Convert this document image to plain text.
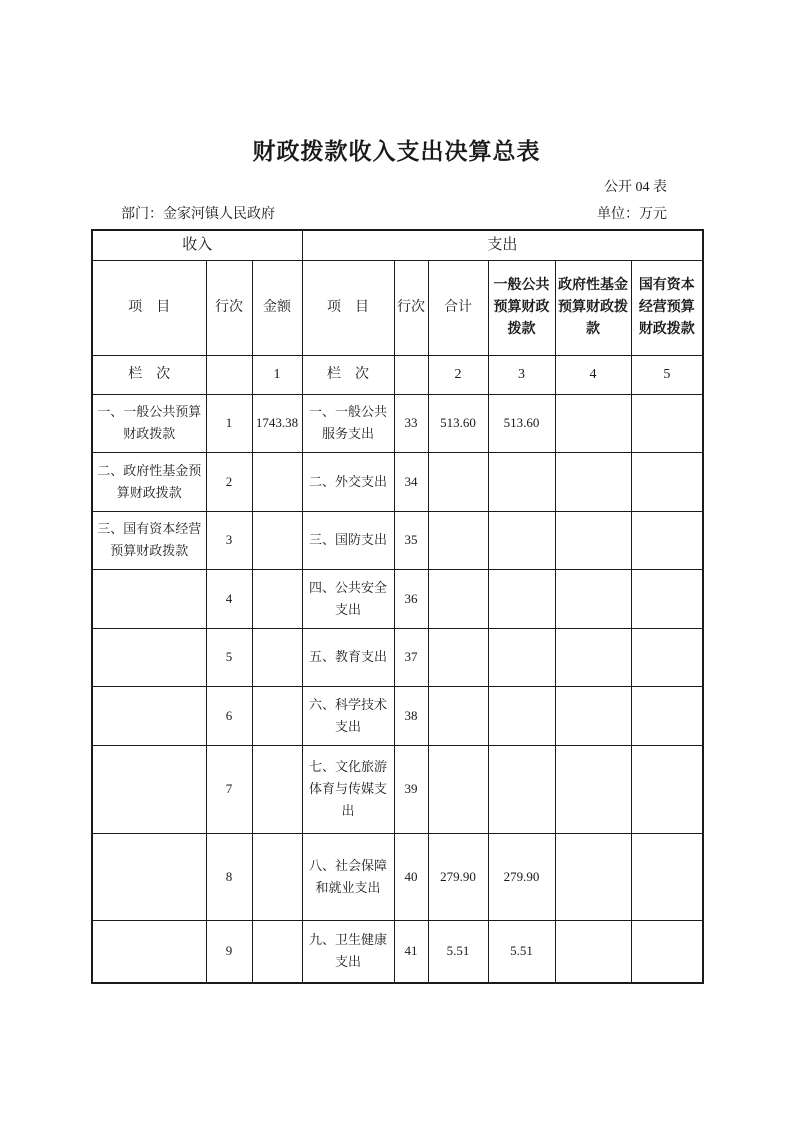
财政拨款收入支出决算总表
公开 04 表
部门：金家河镇人民政府	单位：万元
收入			支出					
项　目	行次	金额	项　目	行次	合计	一般公共预算财政拨款	政府性基金预算财政拨款	国有资本经营预算财政拨款
栏　次		1	栏　次		2	3	4	5
一、一般公共预算财政拨款	1	1743.38	一、一般公共服务支出	33	513.60	513.60		
二、政府性基金预算财政拨款	2		二、外交支出	34				
三、国有资本经营预算财政拨款	3		三、国防支出	35				
	4		四、公共安全支出	36				
	5		五、教育支出	37				
	6		六、科学技术支出	38				
	7		七、文化旅游体育与传媒支出	39				
	8		八、社会保障和就业支出	40	279.90	279.90		
	9		九、卫生健康支出	41	5.51	5.51		
